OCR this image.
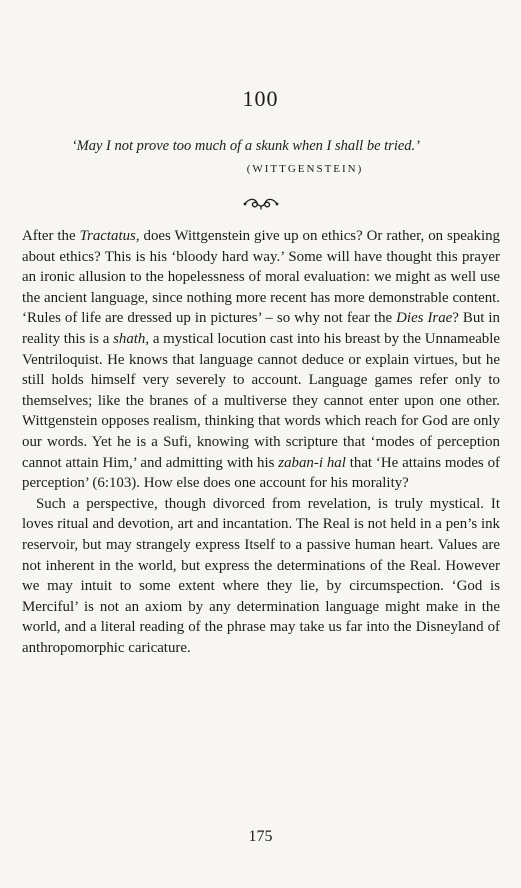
100
‘May I not prove too much of a skunk when I shall be tried.’
(WITTGENSTEIN)

After the Tractatus, does Wittgenstein give up on ethics? Or rather, on speaking about ethics? This is his ‘bloody hard way.’ Some will have thought this prayer an ironic allusion to the hopelessness of moral evaluation: we might as well use the ancient language, since nothing more recent has more demonstrable content. ‘Rules of life are dressed up in pictures’ – so why not fear the Dies Irae? But in reality this is a shath, a mystical locution cast into his breast by the Unnameable Ventriloquist. He knows that language cannot deduce or explain virtues, but he still holds himself very severely to account. Language games refer only to themselves; like the branes of a multiverse they cannot enter upon one other. Wittgenstein opposes realism, thinking that words which reach for God are only our words. Yet he is a Sufi, knowing with scripture that ‘modes of perception cannot attain Him,’ and admitting with his zaban-i hal that ‘He attains modes of perception’ (6:103). How else does one account for his morality?

Such a perspective, though divorced from revelation, is truly mystical. It loves ritual and devotion, art and incantation. The Real is not held in a pen’s ink reservoir, but may strangely express Itself to a passive human heart. Values are not inherent in the world, but express the determinations of the Real. However we may intuit to some extent where they lie, by circumspection. ‘God is Merciful’ is not an axiom by any determination language might make in the world, and a literal reading of the phrase may take us far into the Disneyland of anthropomorphic caricature.

175
